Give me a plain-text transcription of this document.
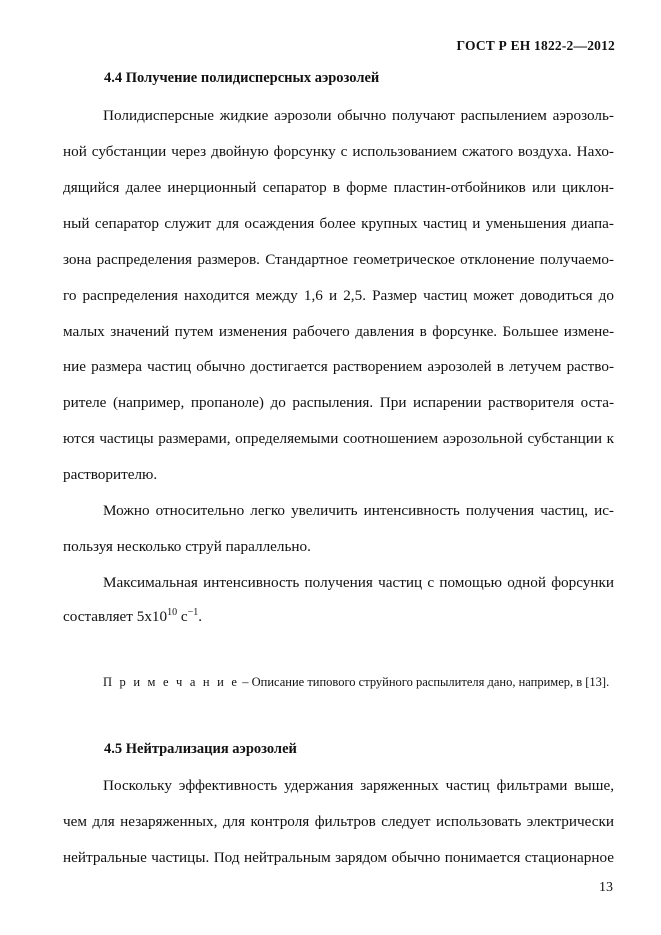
ГОСТ Р ЕН 1822-2—2012
4.4 Получение полидисперсных аэрозолей
Полидисперсные жидкие аэрозоли обычно получают распылением аэрозоль-
ной субстанции через двойную форсунку с использованием сжатого воздуха. Нахо-
дящийся далее инерционный сепаратор в форме пластин-отбойников или циклон-
ный сепаратор служит для осаждения более крупных частиц и уменьшения диапа-
зона распределения размеров. Стандартное геометрическое отклонение получаемо-
го распределения находится между 1,6 и 2,5. Размер частиц может доводиться до
малых значений путем изменения рабочего давления в форсунке. Большее измене-
ние размера частиц обычно достигается растворением аэрозолей в летучем раство-
рителе (например, пропаноле) до распыления. При испарении растворителя оста-
ются частицы размерами, определяемыми соотношением аэрозольной субстанции к
растворителю.
Можно относительно легко увеличить интенсивность получения частиц, ис-
пользуя несколько струй параллельно.
Максимальная интенсивность получения частиц с помощью одной форсунки
составляет $5x10^{10}$ $с^{-1}$.
П р и м е ч а н и е – Описание типового струйного распылителя дано, например, в [13].
4.5 Нейтрализация аэрозолей
Поскольку эффективность удержания заряженных частиц фильтрами выше,
чем для незаряженных, для контроля фильтров следует использовать электрически
нейтральные частицы. Под нейтральным зарядом обычно понимается стационарное
13
